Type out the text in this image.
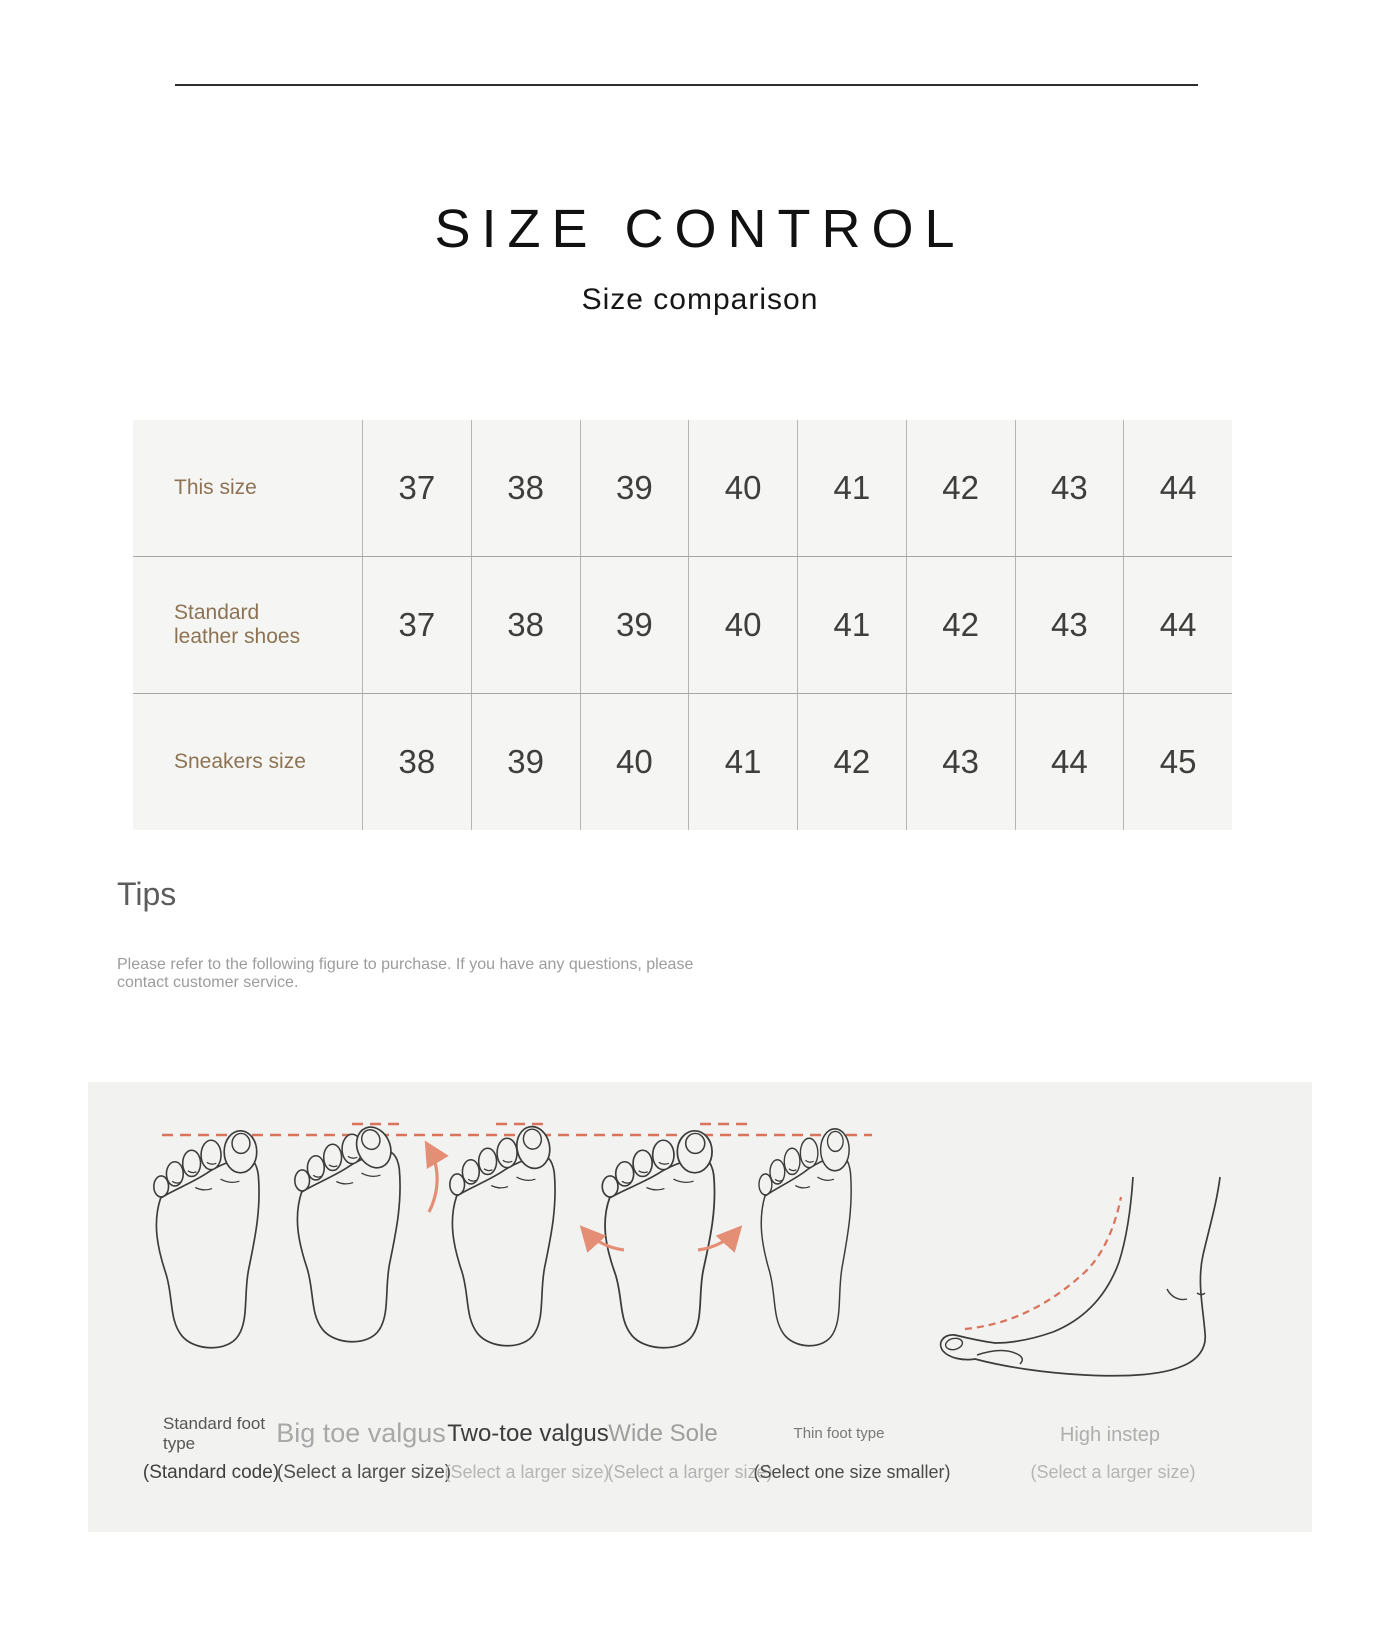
SIZE CONTROL
Size comparison
This size	37	38	39	40	41	42	43	44
Standard leather shoes	37	38	39	40	41	42	43	44
Sneakers size	38	39	40	41	42	43	44	45
Tips
Please refer to the following figure to purchase. If you have any questions, please
contact customer service.
Standard foot type	Big toe valgus Two-toe valgus Wide Sole	Thin foot type	High instep
(Standard code)
(Select a larger size)
(Select a larger size)
(Select a larger size)
(Select one size smaller)	(Select a larger size)
